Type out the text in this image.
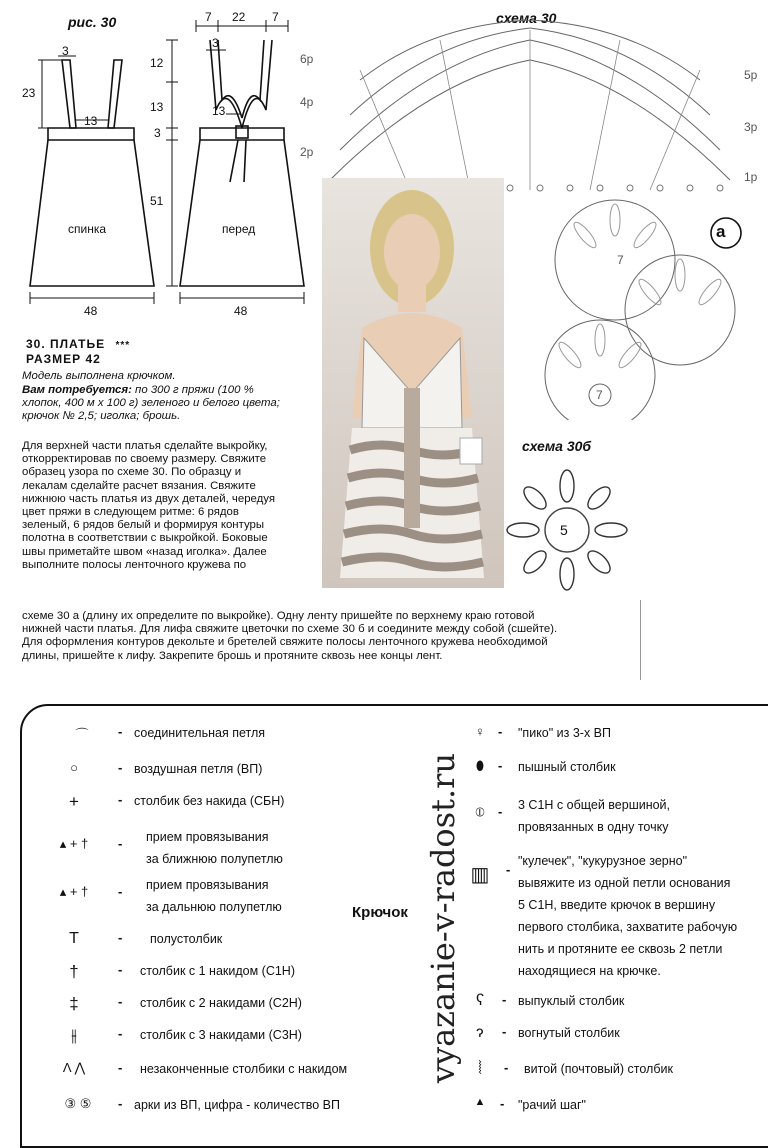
рис. 30
23
3
13
спинка
48
7 22 7
3
12
13
3
51
13
перед
48
схема 30
6р
4р
2р
5р
3р
1р
a
7
7
схема 30б
5
30. ПЛАТЬЕ ***
РАЗМЕР 42
Модель выполнена крючком.
Вам потребуется: по 300 г пряжи (100 %
хлопок, 400 м х 100 г) зеленого и белого цвета;
крючок № 2,5; иголка; брошь.
Для верхней части платья сделайте выкройку,
откорректировав по своему размеру. Свяжите
образец узора по схеме 30. По образцу и
лекалам сделайте расчет вязания. Свяжите
нижнюю часть платья из двух деталей, чередуя
цвет пряжи в следующем ритме: 6 рядов
зеленый, 6 рядов белый и формируя контуры
полотна в соответствии с выкройкой. Боковые
швы приметайте швом «назад иголка». Далее
выполните полосы ленточного кружева по
схеме 30 а (длину их определите по выкройке). Одну ленту пришейте по верхнему краю готовой
нижней части платья. Для лифа свяжите цветочки по схеме 30 б и соедините между собой (сшейте).
Для оформления контуров декольте и бретелей свяжите полосы ленточного кружева необходимой
длины, пришейте к лифу. Закрепите брошь и протяните сквозь нее концы лент.
⌒	- соединительная петля
○	- воздушная петля (ВП)
+	- столбик без накида (СБН)
▴ + †	- прием провязывания
за ближнюю полупетлю
▴ + †	- прием провязывания
за дальнюю полупетлю
T	- полустолбик
†	- столбик с 1 накидом (С1Н)
‡	- столбик с 2 накидами (С2Н)
⫲	- столбик с 3 накидами (С3Н)
Λ ⋀	- незаконченные столбики с накидом
③ ⑤	- арки из ВП, цифра - количество ВП
Крючок vyazanie-v-radost.ru
♀	- "пико" из 3-х ВП
⬮	- пышный столбик
⦶	- 3 С1Н с общей вершиной,
провязанных в одну точку
▥	-
"кулечек", "кукурузное зерно"
вывяжите из одной петли основания
5 С1Н, введите крючок в вершину
первого столбика, захватите рабочую
нить и протяните ее сквозь 2 петли
находящиеся на крючке.
ʕ	- выпуклый столбик
ɂ	- вогнутый столбик
⦚	- витой (почтовый) столбик
▲	- "рачий шаг"
